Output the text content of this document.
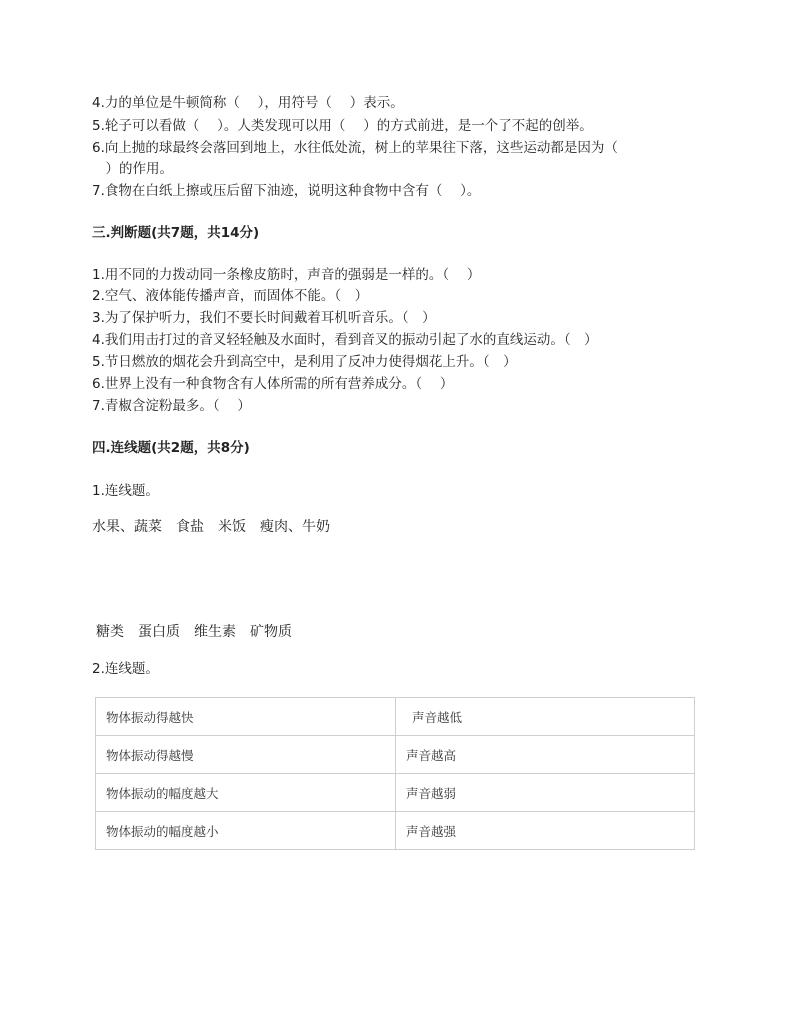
4.力的单位是牛顿简称（　 ），用符号（　 ）表示。
5.轮子可以看做（　 ）。人类发现可以用（　 ）的方式前进，是一个了不起的创举。
6.向上抛的球最终会落回到地上，水往低处流，树上的苹果往下落，这些运动都是因为（
　）的作用。
7.食物在白纸上擦或压后留下油迹，说明这种食物中含有（　 ）。
三.判断题(共7题，共14分)
1.用不同的力拨动同一条橡皮筋时，声音的强弱是一样的。（　 ）
2.空气、液体能传播声音，而固体不能。（　）
3.为了保护听力，我们不要长时间戴着耳机听音乐。（　）
4.我们用击打过的音叉轻轻触及水面时，看到音叉的振动引起了水的直线运动。（　）
5.节日燃放的烟花会升到高空中，是利用了反冲力使得烟花上升。（　）
6.世界上没有一种食物含有人体所需的所有营养成分。（　 ）
7.青椒含淀粉最多。（　 ）
四.连线题(共2题，共8分)
1.连线题。
水果、蔬菜 食盐 米饭 瘦肉、牛奶
糖类 蛋白质 维生素 矿物质
2.连线题。
物体振动得越快	声音越低
物体振动得越慢	声音越高
物体振动的幅度越大	声音越弱
物体振动的幅度越小	声音越强
